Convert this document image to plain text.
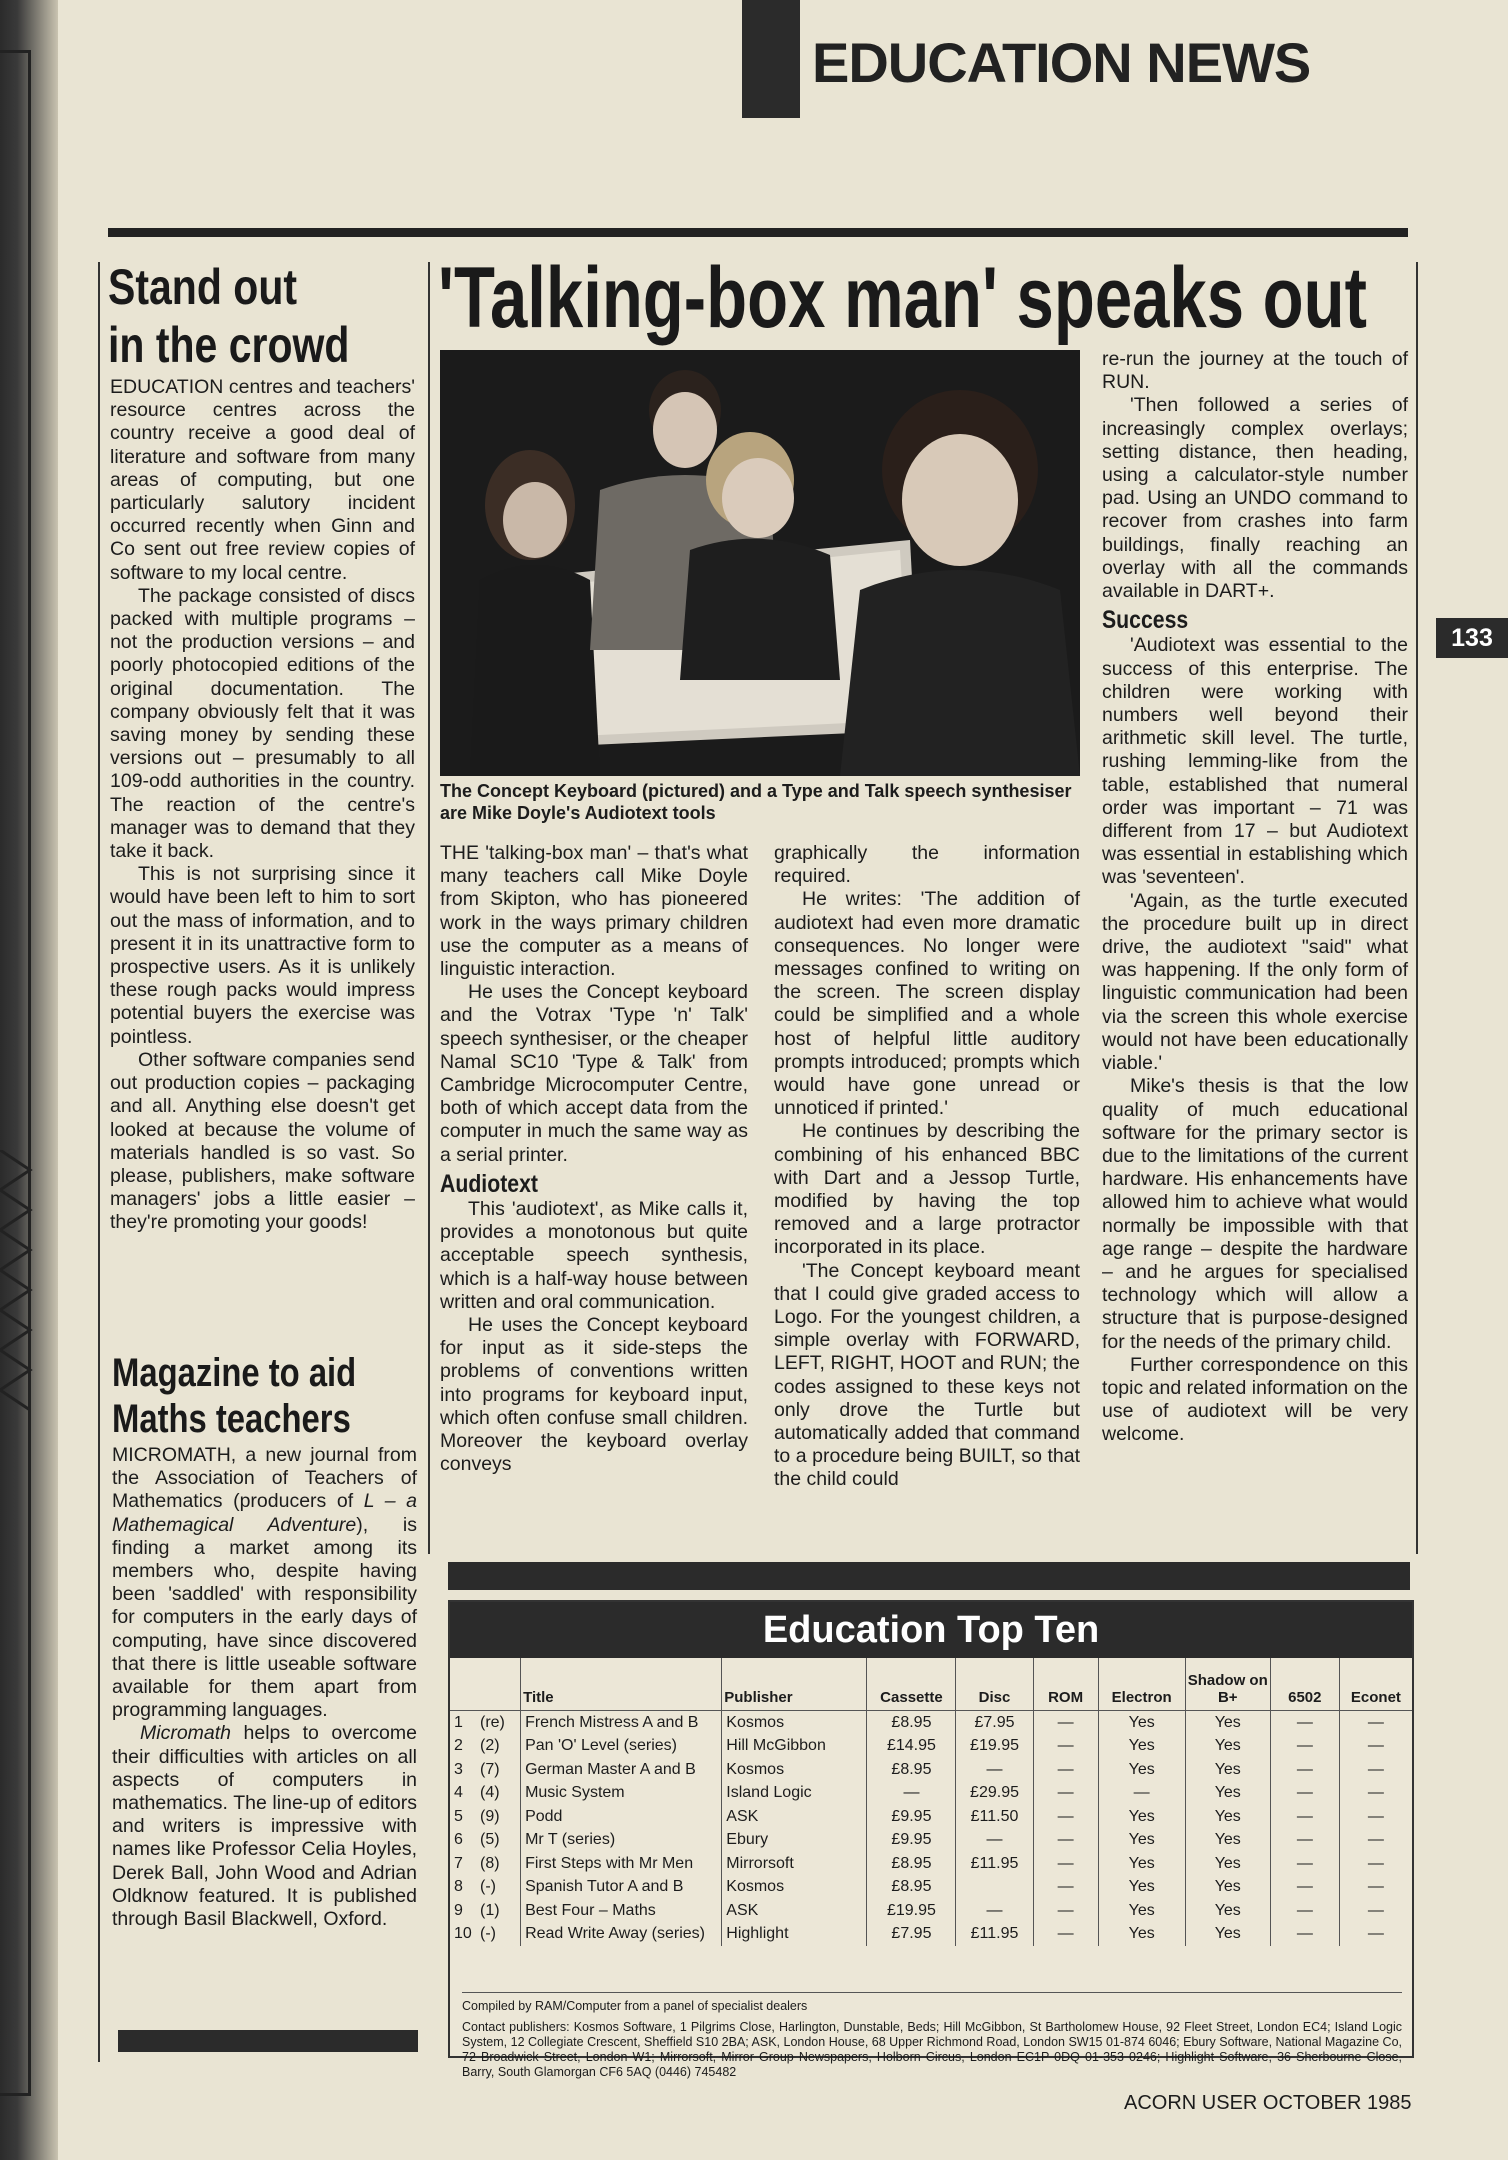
EDUCATION NEWS
Stand out
in the crowd

EDUCATION centres and teachers' resource centres across the country receive a good deal of literature and software from many areas of computing, but one particularly salutory incident occurred recently when Ginn and Co sent out free review copies of software to my local centre.

The package consisted of discs packed with multiple programs – not the production versions – and poorly photocopied editions of the original documentation. The company obviously felt that it was saving money by sending these versions out – presumably to all 109-odd authorities in the country. The reaction of the centre's manager was to demand that they take it back.

This is not surprising since it would have been left to him to sort out the mass of information, and to present it in its unattractive form to prospective users. As it is unlikely these rough packs would impress potential buyers the exercise was pointless.

Other software companies send out production copies – packaging and all. Anything else doesn't get looked at because the volume of materials handled is so vast. So please, publishers, make software managers' jobs a little easier – they're promoting your goods!

Magazine to aid
Maths teachers

MICROMATH, a new journal from the Association of Teachers of Mathematics (producers of L – a Mathemagical Adventure), is finding a market among its members who, despite having been 'saddled' with responsibility for computers in the early days of computing, have since discovered that there is little useable software available for them apart from programming languages.

Micromath helps to overcome their difficulties with articles on all aspects of computers in mathematics. The line-up of editors and writers is impressive with names like Professor Celia Hoyles, Derek Ball, John Wood and Adrian Oldknow featured. It is published through Basil Blackwell, Oxford.

'Talking-box man' speaks out
The Concept Keyboard (pictured) and a Type and Talk speech synthesiser are Mike Doyle's Audiotext tools

THE 'talking-box man' – that's what many teachers call Mike Doyle from Skipton, who has pioneered work in the ways primary children use the computer as a means of linguistic interaction.

He uses the Concept keyboard and the Votrax 'Type 'n' Talk' speech synthesiser, or the cheaper Namal SC10 'Type & Talk' from Cambridge Microcomputer Centre, both of which accept data from the computer in much the same way as a serial printer.

Audiotext

This 'audiotext', as Mike calls it, provides a monotonous but quite acceptable speech synthesis, which is a half-way house between written and oral communication.

He uses the Concept keyboard for input as it side-steps the problems of conventions written into programs for keyboard input, which often confuse small children. Moreover the keyboard overlay conveys

graphically the information required.

He writes: 'The addition of audiotext had even more dramatic consequences. No longer were messages confined to writing on the screen. The screen display could be simplified and a whole host of helpful little auditory prompts introduced; prompts which would have gone unread or unnoticed if printed.'

He continues by describing the combining of his enhanced BBC with Dart and a Jessop Turtle, modified by having the top removed and a large protractor incorporated in its place.

'The Concept keyboard meant that I could give graded access to Logo. For the youngest children, a simple overlay with FORWARD, LEFT, RIGHT, HOOT and RUN; the codes assigned to these keys not only drove the Turtle but automatically added that command to a procedure being BUILT, so that the child could

re-run the journey at the touch of RUN.

'Then followed a series of increasingly complex overlays; setting distance, then heading, using a calculator-style number pad. Using an UNDO command to recover from crashes into farm buildings, finally reaching an overlay with all the commands available in DART+.

Success

'Audiotext was essential to the success of this enterprise. The children were working with numbers well beyond their arithmetic skill level. The turtle, rushing lemming-like from the table, established that numeral order was important – 71 was different from 17 – but Audiotext was essential in establishing which was 'seventeen'.

'Again, as the turtle executed the procedure built up in direct drive, the audiotext "said" what was happening. If the only form of linguistic communication had been via the screen this whole exercise would not have been educationally viable.'

Mike's thesis is that the low quality of much educational software for the primary sector is due to the limitations of the current hardware. His enhancements have allowed him to achieve what would normally be impossible with that age range – despite the hardware – and he argues for specialised technology which will allow a structure that is purpose-designed for the needs of the primary child.

Further correspondence on this topic and related information on the use of audiotext will be very welcome.

133
Education Top Ten
	Title	Publisher	Cassette	Disc	ROM	Electron	Shadow on B+	6502	Econet
1 (re)	French Mistress A and B	Kosmos	£8.95	£7.95	—	Yes	Yes	—	—
2 (2)	Pan 'O' Level (series)	Hill McGibbon	£14.95	£19.95	—	Yes	Yes	—	—
3 (7)	German Master A and B	Kosmos	£8.95	—	—	Yes	Yes	—	—
4 (4)	Music System	Island Logic	—	£29.95	—	—	Yes	—	—
5 (9)	Podd	ASK	£9.95	£11.50	—	Yes	Yes	—	—
6 (5)	Mr T (series)	Ebury	£9.95	—	—	Yes	Yes	—	—
7 (8)	First Steps with Mr Men	Mirrorsoft	£8.95	£11.95	—	Yes	Yes	—	—
8 (-)	Spanish Tutor A and B	Kosmos	£8.95		—	Yes	Yes	—	—
9 (1)	Best Four – Maths	ASK	£19.95	—	—	Yes	Yes	—	—
10 (-)	Read Write Away (series)	Highlight	£7.95	£11.95	—	Yes	Yes	—	—
Compiled by RAM/Computer from a panel of specialist dealers
Contact publishers: Kosmos Software, 1 Pilgrims Close, Harlington, Dunstable, Beds; Hill McGibbon, St Bartholomew House, 92 Fleet Street, London EC4; Island Logic System, 12 Collegiate Crescent, Sheffield S10 2BA; ASK, London House, 68 Upper Richmond Road, London SW15 01-874 6046; Ebury Software, National Magazine Co, 72 Broadwick Street, London W1; Mirrorsoft, Mirror Group Newspapers, Holborn Circus, London EC1P 0DQ 01-353 0246; Highlight Software, 36 Sherbourne Close, Barry, South Glamorgan CF6 5AQ (0446) 745482
ACORN USER OCTOBER 1985
